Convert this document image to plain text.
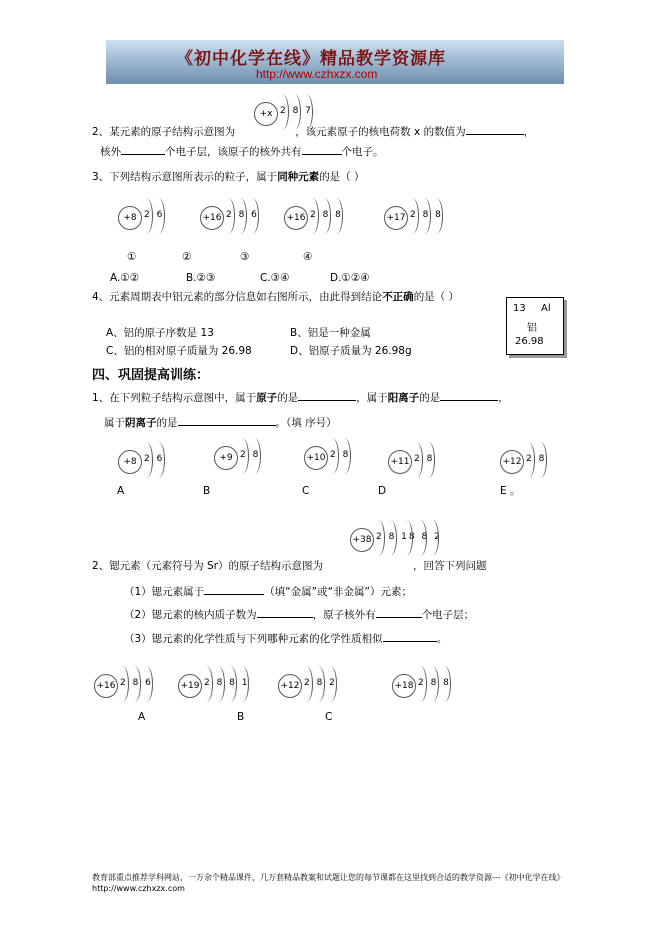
《初中化学在线》精品教学资源库
http://www.czhxzx.com
+x 2 8 7
2、某元素的原子结构示意图为	，该元素原子的核电荷数 x 的数值为	，
核外	个电子层，该原子的核外共有	个电子。
3、下列结构示意图所表示的粒子，属于同种元素的是（ ）
+8 2 6	+16 2 8 6	+16 2 8 8	+17 2 8 8
①	②	③	④
A.①②	B.②③	C.③④	D.①②④
4、元素周期表中铝元素的部分信息如右图所示，由此得到结论不正确的是（ ）
A、铝的原子序数是 13	B、铝是一种金属
C、铝的相对原子质量为 26.98	D、铝原子质量为 26.98g
13 Al
铝
26.98
四、巩固提高训练：
1、在下列粒子结构示意图中，属于原子的是	，属于阳离子的是	，
属于阴离子的是	。（填 序号）
+8 2 6	+9 2 8	+10 2 8
+11 2 8	+12 2 8
A	B	C	D	E 。
+38 2 8 18 8 2
2、锶元素（元素符号为 Sr）的原子结构示意图为	，回答下列问题
（1）锶元素属于	（填“金属”或“非金属”）元素；
（2）锶元素的核内质子数为	，原子核外有	个电子层；
（3）锶元素的化学性质与下列哪种元素的化学性质相似	。
+16 2 8 6	+19 2 8 8 1	+12 2 8 2	+18 2 8 8
A	B	C
教育部重点推荐学科网站，一万余个精品课件，几万套精品教案和试题让您的每节课都在这里找到合适的教学资源---《初中化学在线》http://www.czhxzx.com
